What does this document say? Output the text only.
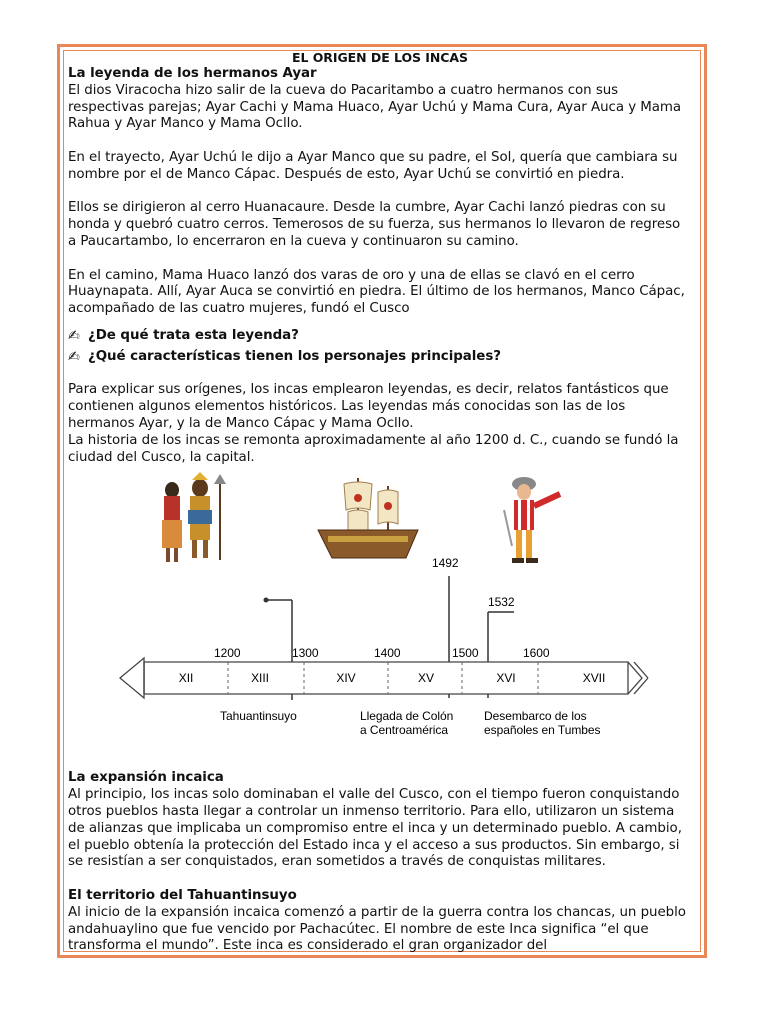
EL ORIGEN DE LOS INCAS

La leyenda de los hermanos Ayar

El dios Viracocha hizo salir de la cueva do Pacaritambo a cuatro hermanos con sus respectivas parejas; Ayar Cachi y Mama Huaco, Ayar Uchú y Mama Cura, Ayar Auca y Mama Rahua y Ayar Manco y Mama Ocllo.

En el trayecto, Ayar Uchú le dijo a Ayar Manco que su padre, el Sol, quería que cambiara su nombre por el de Manco Cápac. Después de esto, Ayar Uchú se convirtió en piedra.

Ellos se dirigieron al cerro Huanacaure. Desde la cumbre, Ayar Cachi lanzó piedras con su honda y quebró cuatro cerros. Temerosos de su fuerza, sus hermanos lo llevaron de regreso a Paucartambo, lo encerraron en la cueva y continuaron su camino.

En el camino, Mama Huaco lanzó dos varas de oro y una de ellas se clavó en el cerro Huaynapata. Allí, Ayar Auca se convirtió en piedra. El último de los hermanos, Manco Cápac, acompañado de las cuatro mujeres, fundó el Cusco

✍ ¿De qué trata esta leyenda?

✍ ¿Qué características tienen los personajes principales?

Para explicar sus orígenes, los incas emplearon leyendas, es decir, relatos fantásticos que contienen algunos elementos históricos. Las leyendas más conocidas son las de los hermanos Ayar, y la de Manco Cápac y Mama Ocllo.

La historia de los incas se remonta aproximadamente al año 1200 d. C., cuando se fundó la ciudad del Cusco, la capital.

1492
1532
1200	1300	1400	1500	1600
XII	XIII	XIV	XV	XVI	XVII
Tahuantinsuyo	Llegada de Colón
a Centroamérica
Desembarco de los
españoles en Tumbes

La expansión incaica

Al principio, los incas solo dominaban el valle del Cusco, con el tiempo fueron conquistando otros pueblos hasta llegar a controlar un inmenso territorio. Para ello, utilizaron un sistema de alianzas que implicaba un compromiso entre el inca y un determinado pueblo. A cambio, el pueblo obtenía la protección del Estado inca y el acceso a sus productos. Sin embargo, si se resistían a ser conquistados, eran sometidos a través de conquistas militares.

El territorio del Tahuantinsuyo

Al inicio de la expansión incaica comenzó a partir de la guerra contra los chancas, un pueblo andahuaylino que fue vencido por Pachacútec. El nombre de este Inca significa “el que transforma el mundo”. Este inca es considerado el gran organizador del
